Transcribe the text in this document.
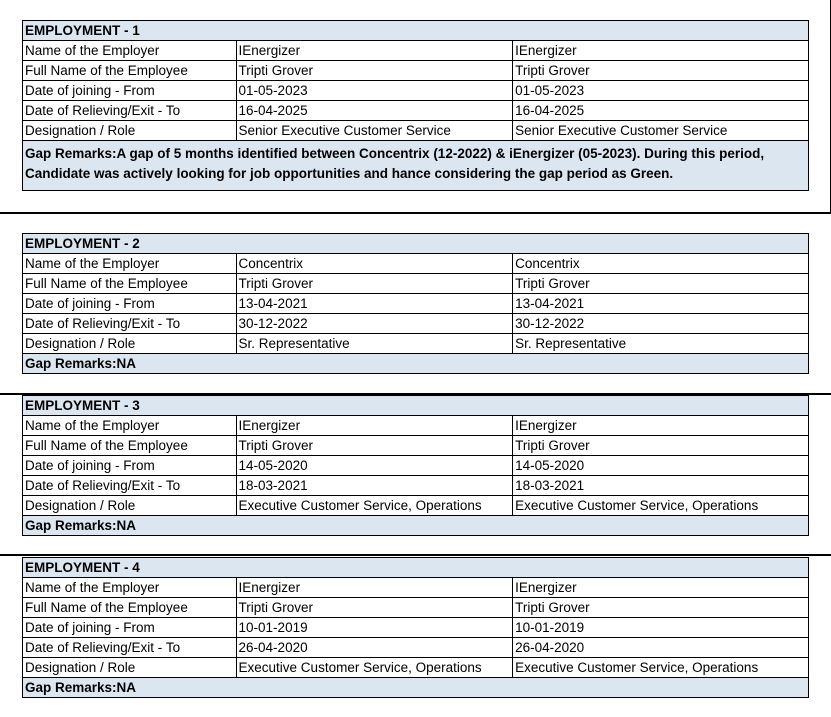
EMPLOYMENT - 1		
Name of the Employer	IEnergizer	IEnergizer
Full Name of the Employee	Tripti Grover	Tripti Grover
Date of joining - From	01-05-2023	01-05-2023
Date of Relieving/Exit - To	16-04-2025	16-04-2025
Designation / Role	Senior Executive Customer Service	Senior Executive Customer Service
Gap Remarks:A gap of 5 months identified between Concentrix (12-2022) & iEnergizer (05-2023). During this period, Candidate was actively looking for job opportunities and hance considering the gap period as Green.		
EMPLOYMENT - 2		
Name of the Employer	Concentrix	Concentrix
Full Name of the Employee	Tripti Grover	Tripti Grover
Date of joining - From	13-04-2021	13-04-2021
Date of Relieving/Exit - To	30-12-2022	30-12-2022
Designation / Role	Sr. Representative	Sr. Representative
Gap Remarks:NA		
EMPLOYMENT - 3		
Name of the Employer	IEnergizer	IEnergizer
Full Name of the Employee	Tripti Grover	Tripti Grover
Date of joining - From	14-05-2020	14-05-2020
Date of Relieving/Exit - To	18-03-2021	18-03-2021
Designation / Role	Executive Customer Service, Operations	Executive Customer Service, Operations
Gap Remarks:NA		
EMPLOYMENT - 4		
Name of the Employer	IEnergizer	IEnergizer
Full Name of the Employee	Tripti Grover	Tripti Grover
Date of joining - From	10-01-2019	10-01-2019
Date of Relieving/Exit - To	26-04-2020	26-04-2020
Designation / Role	Executive Customer Service, Operations	Executive Customer Service, Operations
Gap Remarks:NA		
